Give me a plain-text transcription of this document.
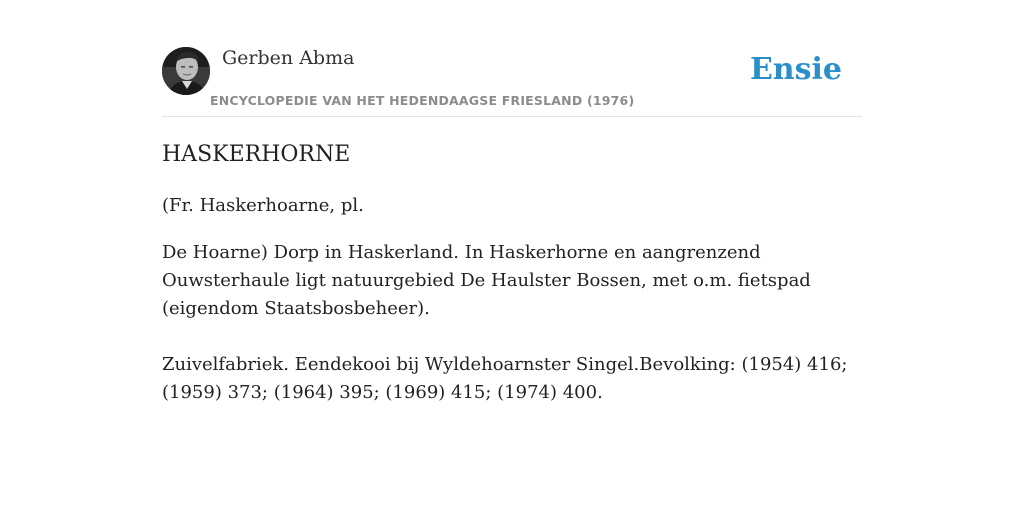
Gerben Abma
ENCYCLOPEDIE VAN HET HEDENDAAGSE FRIESLAND (1976)
Ensie
HASKERHORNE

(Fr. Haskerhoarne, pl.

De Hoarne) Dorp in Haskerland. In Haskerhorne en aangrenzend Ouwsterhaule ligt natuurgebied De Haulster Bossen, met o.m. fietspad (eigendom Staatsbosbeheer).

Zuivelfabriek. Eendekooi bij Wyldehoarnster Singel.Bevolking: (1954) 416; (1959) 373; (1964) 395; (1969) 415; (1974) 400.
